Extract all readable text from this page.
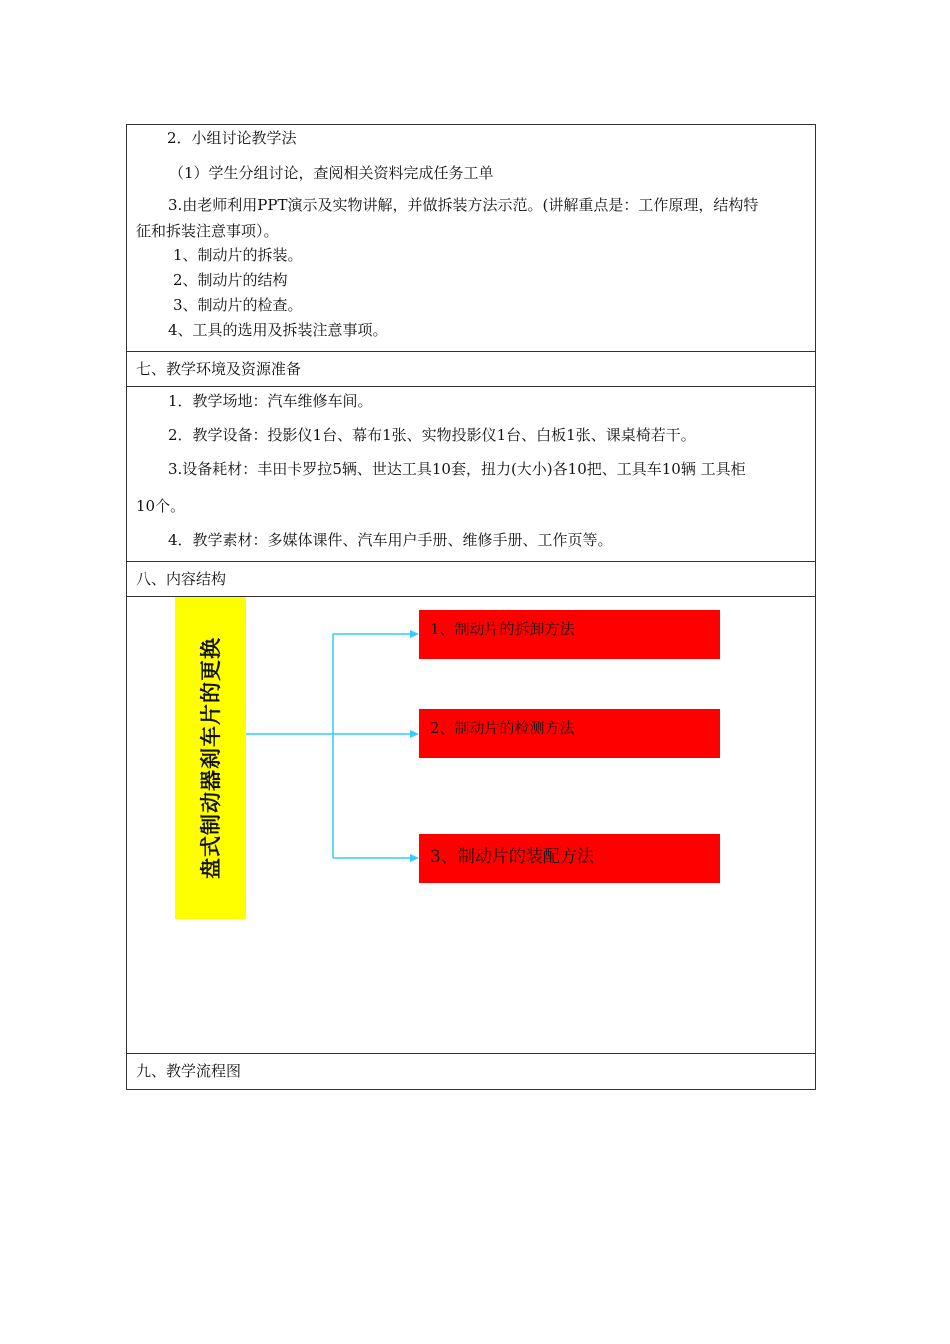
2．小组讨论教学法
（1）学生分组讨论，查阅相关资料完成任务工单
3.由老师利用PPT演示及实物讲解，并做拆装方法示范。(讲解重点是：工作原理，结构特
征和拆装注意事项）。
1、制动片的拆装。
2、制动片的结构
3、制动片的检查。
4、工具的选用及拆装注意事项。
七、教学环境及资源准备
1．教学场地：汽车维修车间。
2．教学设备：投影仪1台、幕布1张、实物投影仪1台、白板1张、课桌椅若干。
3.设备耗材：丰田卡罗拉5辆、世达工具10套，扭力(大小)各10把、工具车10辆 工具柜
10个。
4．教学素材：多媒体课件、汽车用户手册、维修手册、工作页等。
八、内容结构
盘式制动器刹车片的更换
1、制动片的拆卸方法
2、制动片的检测方法
3、制动片的装配方法
九、教学流程图
